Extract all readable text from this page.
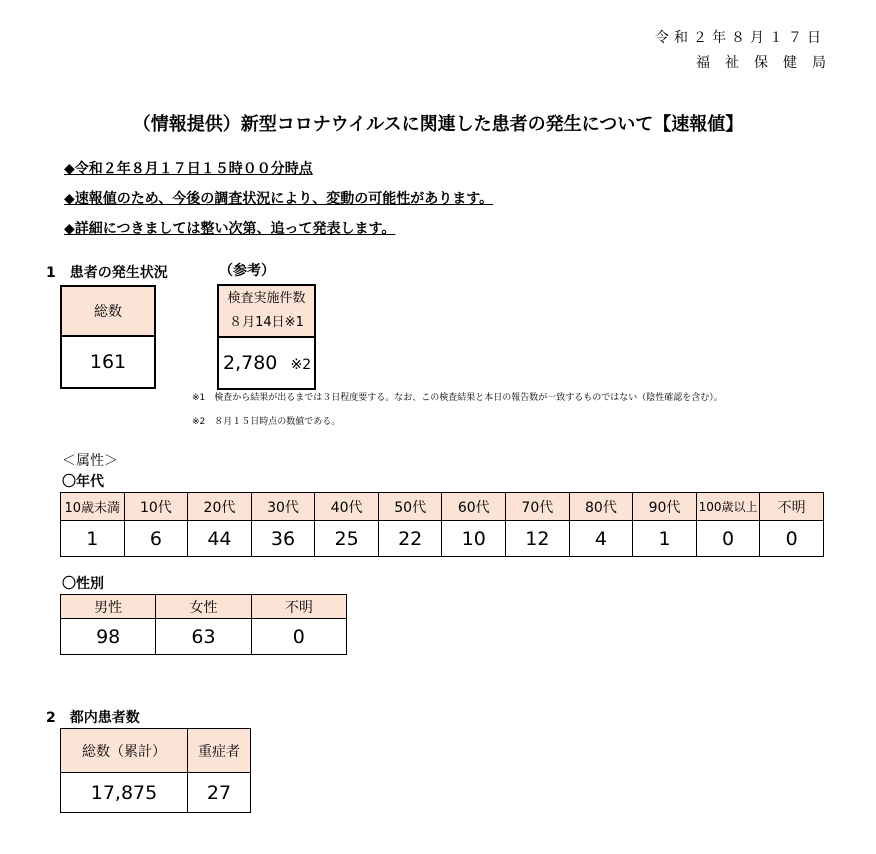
令和２年８月１７日
福祉保健局
（情報提供）新型コロナウイルスに関連した患者の発生について【速報値】
◆令和２年８月１７日１５時００分時点
◆速報値のため、今後の調査状況により、変動の可能性があります。
◆詳細につきましては整い次第、追って発表します。
1　患者の発生状況	（参考）
総数
161
検査実施件数
８月14日※1

2,780 ※2
※1　検査から結果が出るまでは３日程度要する。なお、この検査結果と本日の報告数が一致するものではない（陰性確認を含む）。
※2　８月１５日時点の数値である。
＜属性＞
〇年代
10歳未満	10代	20代	30代	40代	50代	60代	70代	80代	90代	100歳以上	不明
1	6	44	36	25	22	10	12	4	1	0	0
〇性別
男性	女性	不明
98	63	0
2　都内患者数
総数（累計）	重症者
17,875	27
